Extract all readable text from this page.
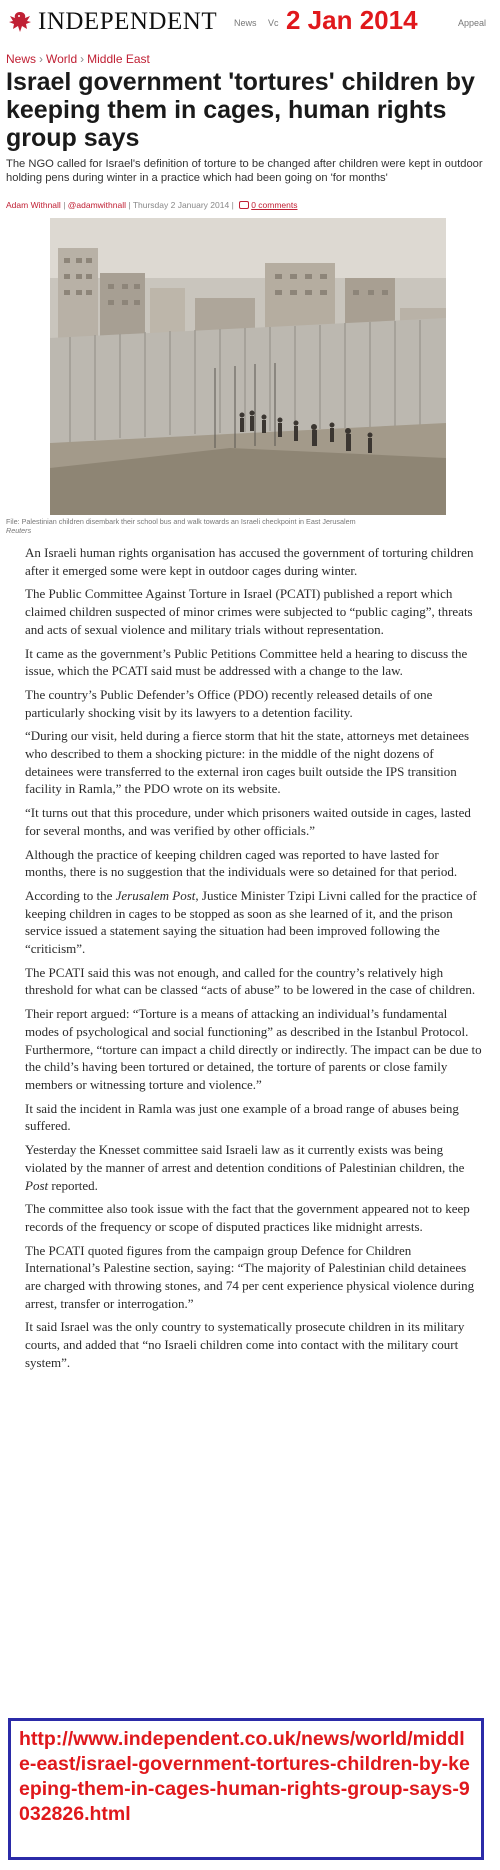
INDEPENDENT News Vc 2 Jan 2014	Appeal
News › World › Middle East
Israel government 'tortures' children by keeping them in cages, human rights group says

The NGO called for Israel's definition of torture to be changed after children were kept in outdoor holding pens during winter in a practice which had been going on 'for months'

Adam Withnall | @adamwithnall | Thursday 2 January 2014 | 0 comments
File: Palestinian children disembark their school bus and walk towards an Israeli checkpoint in East Jerusalem
Reuters

An Israeli human rights organisation has accused the government of torturing children after it emerged some were kept in outdoor cages during winter.

The Public Committee Against Torture in Israel (PCATI) published a report which claimed children suspected of minor crimes were subjected to “public caging”, threats and acts of sexual violence and military trials without representation.

It came as the government’s Public Petitions Committee held a hearing to discuss the issue, which the PCATI said must be addressed with a change to the law.

The country’s Public Defender’s Office (PDO) recently released details of one particularly shocking visit by its lawyers to a detention facility.

“During our visit, held during a fierce storm that hit the state, attorneys met detainees who described to them a shocking picture: in the middle of the night dozens of detainees were transferred to the external iron cages built outside the IPS transition facility in Ramla,” the PDO wrote on its website.

“It turns out that this procedure, under which prisoners waited outside in cages, lasted for several months, and was verified by other officials.”

Although the practice of keeping children caged was reported to have lasted for months, there is no suggestion that the individuals were so detained for that period.

According to the Jerusalem Post, Justice Minister Tzipi Livni called for the practice of keeping children in cages to be stopped as soon as she learned of it, and the prison service issued a statement saying the situation had been improved following the “criticism”.

The PCATI said this was not enough, and called for the country’s relatively high threshold for what can be classed “acts of abuse” to be lowered in the case of children.

Their report argued: “Torture is a means of attacking an individual’s fundamental modes of psychological and social functioning” as described in the Istanbul Protocol. Furthermore, “torture can impact a child directly or indirectly. The impact can be due to the child’s having been tortured or detained, the torture of parents or close family members or witnessing torture and violence.”

It said the incident in Ramla was just one example of a broad range of abuses being suffered.

Yesterday the Knesset committee said Israeli law as it currently exists was being violated by the manner of arrest and detention conditions of Palestinian children, the Post reported.

The committee also took issue with the fact that the government appeared not to keep records of the frequency or scope of disputed practices like midnight arrests.

The PCATI quoted figures from the campaign group Defence for Children International’s Palestine section, saying: “The majority of Palestinian child detainees are charged with throwing stones, and 74 per cent experience physical violence during arrest, transfer or interrogation.”

It said Israel was the only country to systematically prosecute children in its military courts, and added that “no Israeli children come into contact with the military court system”.

http://www.independent.co.uk/news/world/middle-east/israel-government-tortures-children-by-keeping-them-in-cages-human-rights-group-says-9032826.html
